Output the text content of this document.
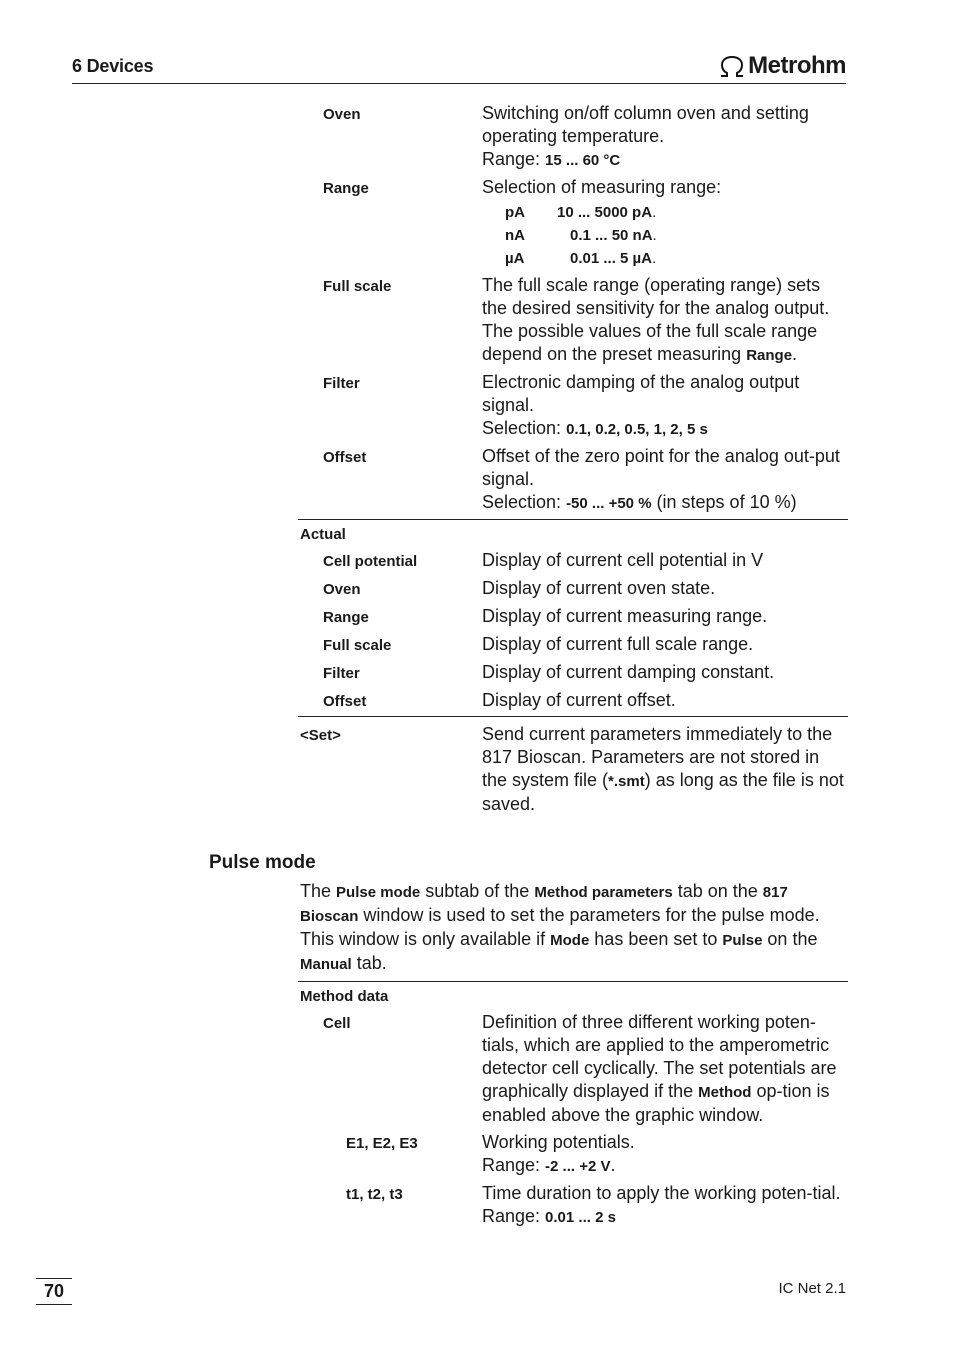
6 Devices	Metrohm
Oven	Switching on/off column oven and setting operating temperature.
Range: 15 ... 60 °C
Range	Selection of measuring range:
pA 10 ... 5000 pA.
nA	0.1 ... 50 nA.
µA	0.01 ... 5 µA.
Full scale	The full scale range (operating range) sets the desired sensitivity for the analog output. The possible values of the full scale range depend on the preset measuring Range.
Filter	Electronic damping of the analog output signal.
Selection: 0.1, 0.2, 0.5, 1, 2, 5 s
Offset	Offset of the zero point for the analog out-put signal.
Selection: -50 ... +50 % (in steps of 10 %)
Actual
Cell potential	Display of current cell potential in V
Oven	Display of current oven state.
Range	Display of current measuring range.
Full scale	Display of current full scale range.
Filter	Display of current damping constant.
Offset	Display of current offset.
<Set>	Send current parameters immediately to the 817 Bioscan. Parameters are not stored in the system file (*.smt) as long as the file is not saved.
Pulse mode
The Pulse mode subtab of the Method parameters tab on the 817 Bioscan window is used to set the parameters for the pulse mode. This window is only available if Mode has been set to Pulse on the Manual tab.
Method data
Cell	Definition of three different working poten-tials, which are applied to the amperometric detector cell cyclically. The set potentials are graphically displayed if the Method op-tion is enabled above the graphic window.
E1, E2, E3	Working potentials.
Range: -2 ... +2 V.
t1, t2, t3	Time duration to apply the working poten-tial.
Range: 0.01 ... 2 s
70	IC Net 2.1
